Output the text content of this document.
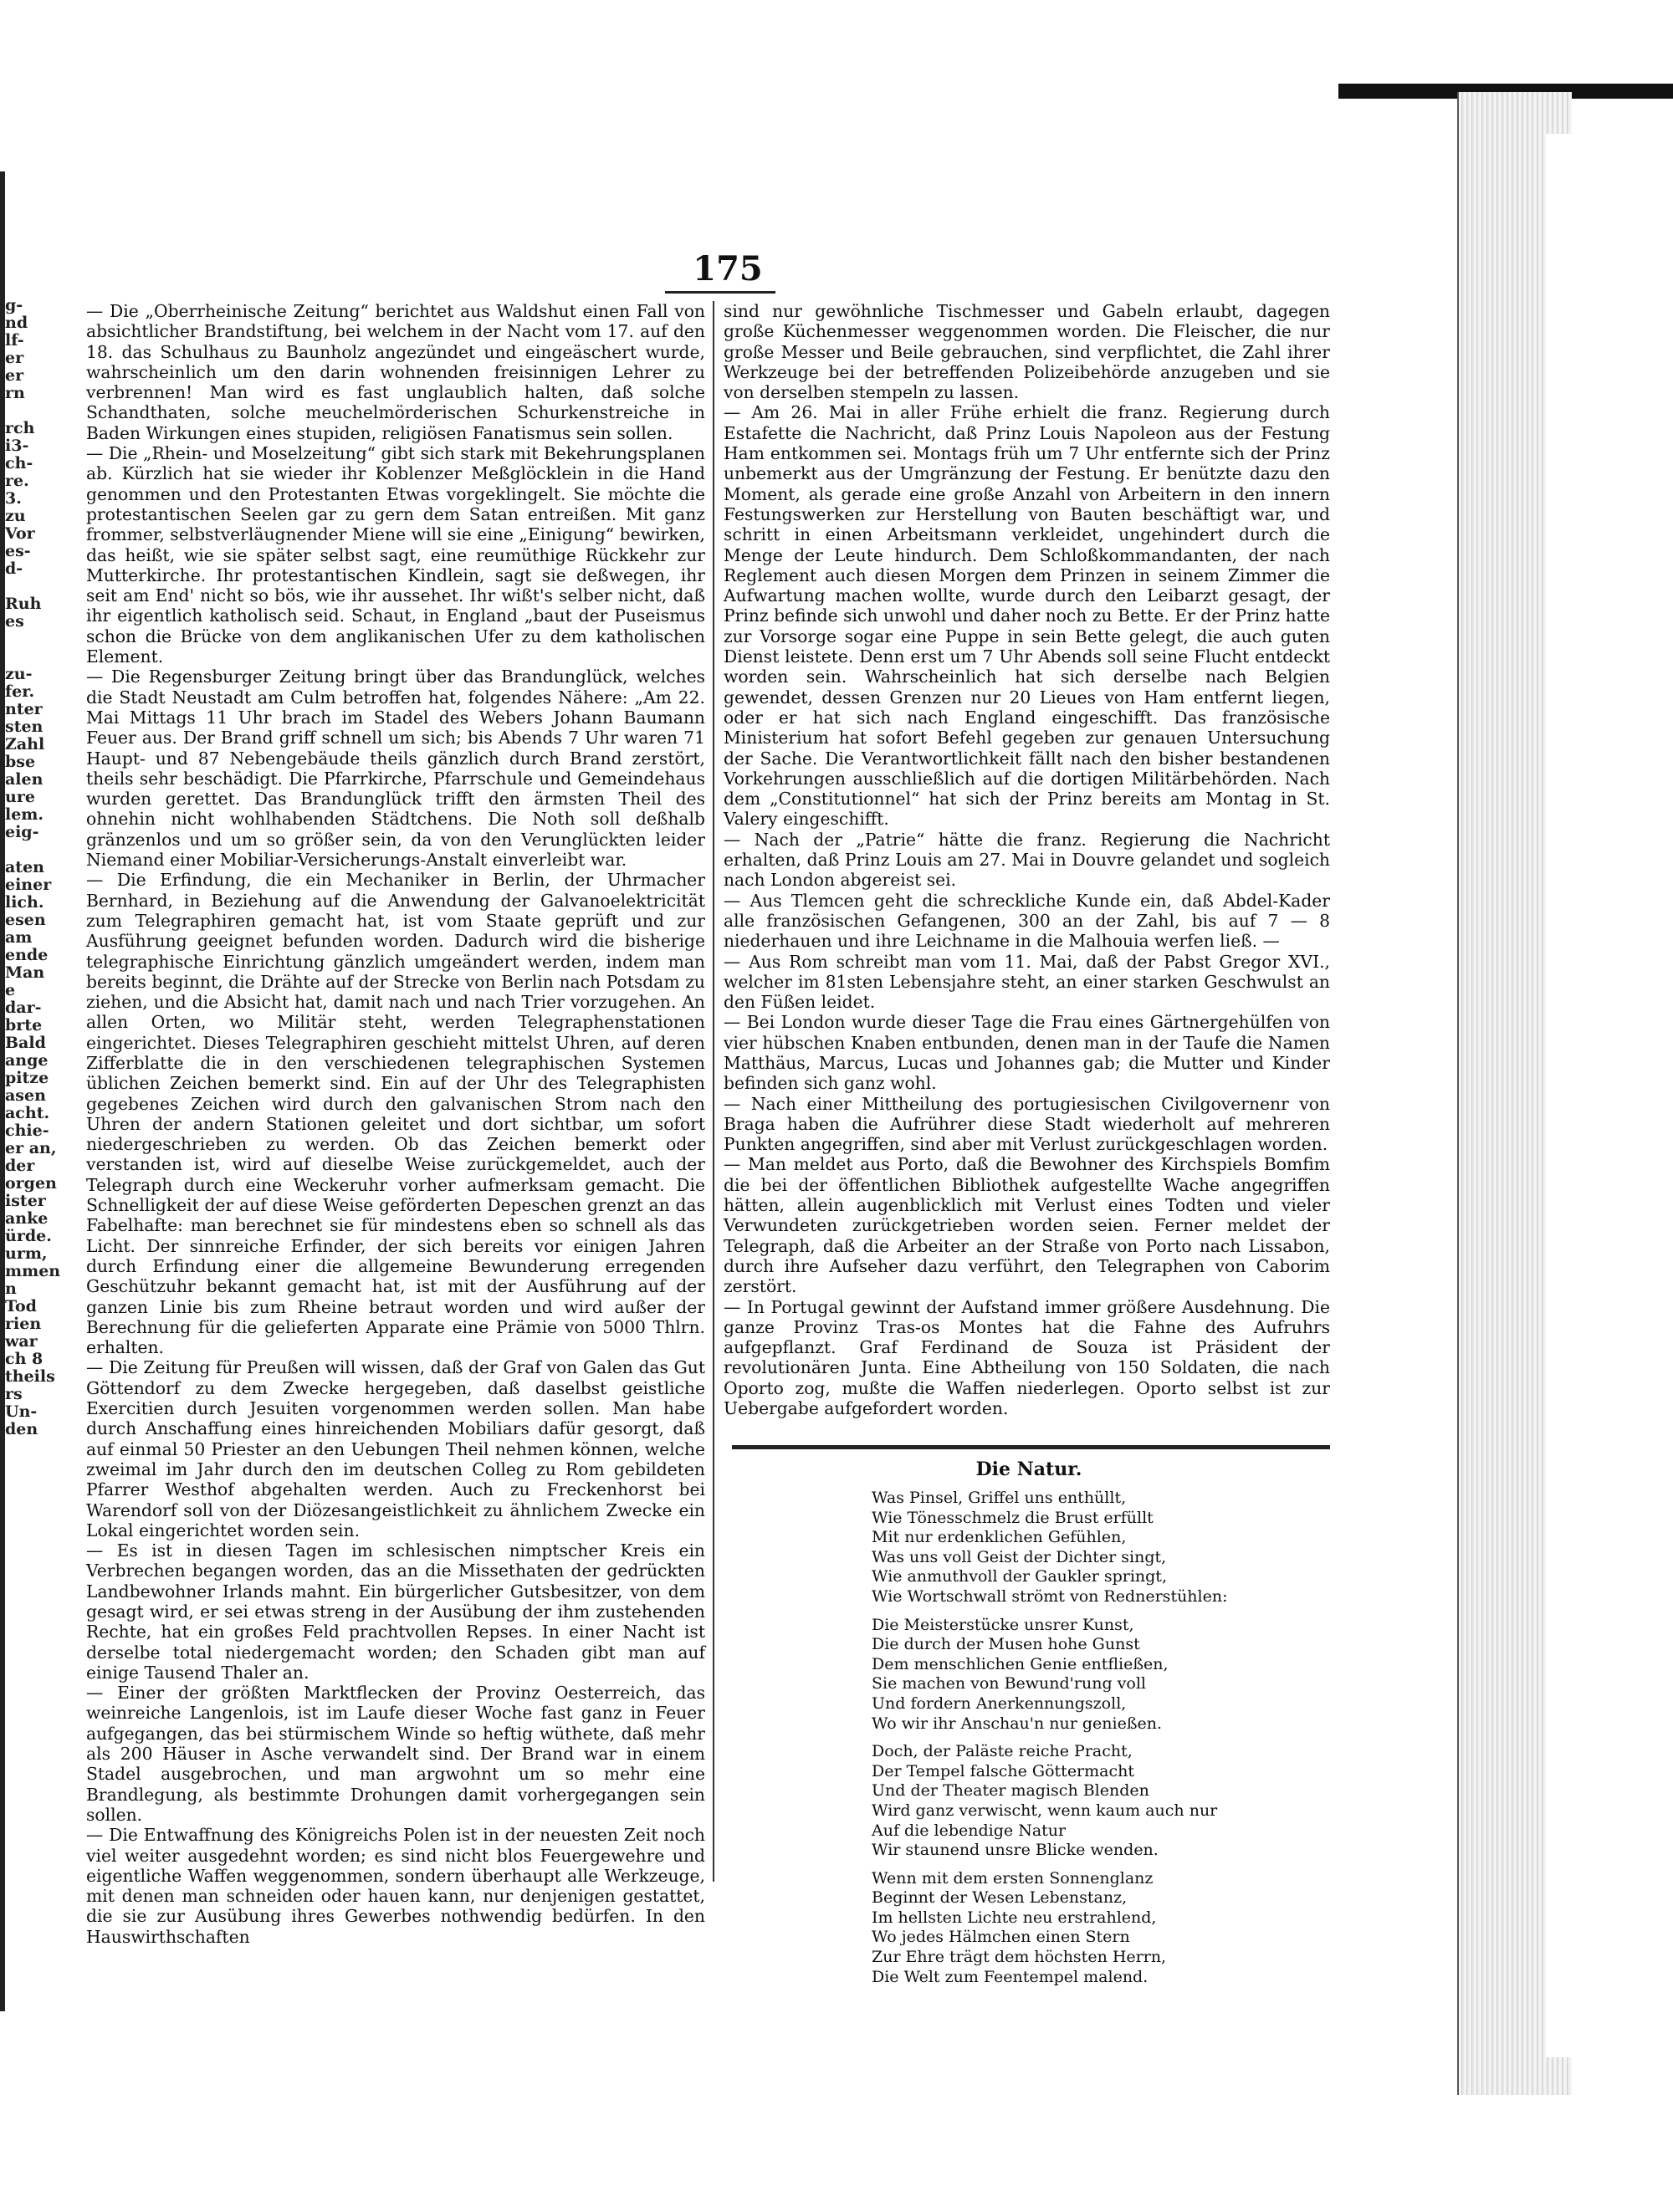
g-
nd
lf-
er
er
rn

rch
i3-
ch-
re.
3.
zu
Vor
es-
d-

Ruh
es

zu-
fer.
nter
sten
Zahl
bse
alen
ure
lem.
eig-

aten
einer
lich.
esen
am
ende
Man
e
dar-
brte
Bald
ange
pitze
asen
acht.
chie-
er an,
der
orgen
ister
anke
ürde.
urm,
mmen
n
Tod
rien
war
ch 8
theils
rs
Un-
den
175

— Die „Oberrheinische Zeitung“ berichtet aus Waldshut einen Fall von absichtlicher Brandstiftung, bei welchem in der Nacht vom 17. auf den 18. das Schulhaus zu Baunholz angezündet und eingeäschert wurde, wahrscheinlich um den darin wohnenden freisinnigen Lehrer zu verbrennen! Man wird es fast unglaublich halten, daß solche Schandthaten, solche meuchelmörderischen Schurkenstreiche in Baden Wirkungen eines stupiden, religiösen Fanatismus sein sollen.

— Die „Rhein- und Moselzeitung“ gibt sich stark mit Bekehrungsplanen ab. Kürzlich hat sie wieder ihr Koblenzer Meßglöcklein in die Hand genommen und den Protestanten Etwas vorgeklingelt. Sie möchte die protestantischen Seelen gar zu gern dem Satan entreißen. Mit ganz frommer, selbstverläugnender Miene will sie eine „Einigung“ bewirken, das heißt, wie sie später selbst sagt, eine reumüthige Rückkehr zur Mutterkirche. Ihr protestantischen Kindlein, sagt sie deßwegen, ihr seit am End' nicht so bös, wie ihr aussehet. Ihr wißt's selber nicht, daß ihr eigentlich katholisch seid. Schaut, in England „baut der Puseismus schon die Brücke von dem anglikanischen Ufer zu dem katholischen Element.

— Die Regensburger Zeitung bringt über das Brandunglück, welches die Stadt Neustadt am Culm betroffen hat, folgendes Nähere: „Am 22. Mai Mittags 11 Uhr brach im Stadel des Webers Johann Baumann Feuer aus. Der Brand griff schnell um sich; bis Abends 7 Uhr waren 71 Haupt- und 87 Nebengebäude theils gänzlich durch Brand zerstört, theils sehr beschädigt. Die Pfarrkirche, Pfarrschule und Gemeindehaus wurden gerettet. Das Brandunglück trifft den ärmsten Theil des ohnehin nicht wohlhabenden Städtchens. Die Noth soll deßhalb gränzenlos und um so größer sein, da von den Verunglückten leider Niemand einer Mobiliar-Versicherungs-Anstalt einverleibt war.

— Die Erfindung, die ein Mechaniker in Berlin, der Uhrmacher Bernhard, in Beziehung auf die Anwendung der Galvanoelektricität zum Telegraphiren gemacht hat, ist vom Staate geprüft und zur Ausführung geeignet befunden worden. Dadurch wird die bisherige telegraphische Einrichtung gänzlich umgeändert werden, indem man bereits beginnt, die Drähte auf der Strecke von Berlin nach Potsdam zu ziehen, und die Absicht hat, damit nach und nach Trier vorzugehen. An allen Orten, wo Militär steht, werden Telegraphenstationen eingerichtet. Dieses Telegraphiren geschieht mittelst Uhren, auf deren Zifferblatte die in den verschiedenen telegraphischen Systemen üblichen Zeichen bemerkt sind. Ein auf der Uhr des Telegraphisten gegebenes Zeichen wird durch den galvanischen Strom nach den Uhren der andern Stationen geleitet und dort sichtbar, um sofort niedergeschrieben zu werden. Ob das Zeichen bemerkt oder verstanden ist, wird auf dieselbe Weise zurückgemeldet, auch der Telegraph durch eine Weckeruhr vorher aufmerksam gemacht. Die Schnelligkeit der auf diese Weise geförderten Depeschen grenzt an das Fabelhafte: man berechnet sie für mindestens eben so schnell als das Licht. Der sinnreiche Erfinder, der sich bereits vor einigen Jahren durch Erfindung einer die allgemeine Bewunderung erregenden Geschützuhr bekannt gemacht hat, ist mit der Ausführung auf der ganzen Linie bis zum Rheine betraut worden und wird außer der Berechnung für die gelieferten Apparate eine Prämie von 5000 Thlrn. erhalten.

— Die Zeitung für Preußen will wissen, daß der Graf von Galen das Gut Göttendorf zu dem Zwecke hergegeben, daß daselbst geistliche Exercitien durch Jesuiten vorgenommen werden sollen. Man habe durch Anschaffung eines hinreichenden Mobiliars dafür gesorgt, daß auf einmal 50 Priester an den Uebungen Theil nehmen können, welche zweimal im Jahr durch den im deutschen Colleg zu Rom gebildeten Pfarrer Westhof abgehalten werden. Auch zu Freckenhorst bei Warendorf soll von der Diözesangeistlichkeit zu ähnlichem Zwecke ein Lokal eingerichtet worden sein.

— Es ist in diesen Tagen im schlesischen nimptscher Kreis ein Verbrechen begangen worden, das an die Missethaten der gedrückten Landbewohner Irlands mahnt. Ein bürgerlicher Gutsbesitzer, von dem gesagt wird, er sei etwas streng in der Ausübung der ihm zustehenden Rechte, hat ein großes Feld prachtvollen Repses. In einer Nacht ist derselbe total niedergemacht worden; den Schaden gibt man auf einige Tausend Thaler an.

— Einer der größten Marktflecken der Provinz Oesterreich, das weinreiche Langenlois, ist im Laufe dieser Woche fast ganz in Feuer aufgegangen, das bei stürmischem Winde so heftig wüthete, daß mehr als 200 Häuser in Asche verwandelt sind. Der Brand war in einem Stadel ausgebrochen, und man argwohnt um so mehr eine Brandlegung, als bestimmte Drohungen damit vorhergegangen sein sollen.

— Die Entwaffnung des Königreichs Polen ist in der neuesten Zeit noch viel weiter ausgedehnt worden; es sind nicht blos Feuergewehre und eigentliche Waffen weggenommen, sondern überhaupt alle Werkzeuge, mit denen man schneiden oder hauen kann, nur denjenigen gestattet, die sie zur Ausübung ihres Gewerbes nothwendig bedürfen. In den Hauswirthschaften

sind nur gewöhnliche Tischmesser und Gabeln erlaubt, dagegen große Küchenmesser weggenommen worden. Die Fleischer, die nur große Messer und Beile gebrauchen, sind verpflichtet, die Zahl ihrer Werkzeuge bei der betreffenden Polizeibehörde anzugeben und sie von derselben stempeln zu lassen.

— Am 26. Mai in aller Frühe erhielt die franz. Regierung durch Estafette die Nachricht, daß Prinz Louis Napoleon aus der Festung Ham entkommen sei. Montags früh um 7 Uhr entfernte sich der Prinz unbemerkt aus der Umgränzung der Festung. Er benützte dazu den Moment, als gerade eine große Anzahl von Arbeitern in den innern Festungswerken zur Herstellung von Bauten beschäftigt war, und schritt in einen Arbeitsmann verkleidet, ungehindert durch die Menge der Leute hindurch. Dem Schloßkommandanten, der nach Reglement auch diesen Morgen dem Prinzen in seinem Zimmer die Aufwartung machen wollte, wurde durch den Leibarzt gesagt, der Prinz befinde sich unwohl und daher noch zu Bette. Er der Prinz hatte zur Vorsorge sogar eine Puppe in sein Bette gelegt, die auch guten Dienst leistete. Denn erst um 7 Uhr Abends soll seine Flucht entdeckt worden sein. Wahrscheinlich hat sich derselbe nach Belgien gewendet, dessen Grenzen nur 20 Lieues von Ham entfernt liegen, oder er hat sich nach England eingeschifft. Das französische Ministerium hat sofort Befehl gegeben zur genauen Untersuchung der Sache. Die Verantwortlichkeit fällt nach den bisher bestandenen Vorkehrungen ausschließlich auf die dortigen Militärbehörden. Nach dem „Constitutionnel“ hat sich der Prinz bereits am Montag in St. Valery eingeschifft.

— Nach der „Patrie“ hätte die franz. Regierung die Nachricht erhalten, daß Prinz Louis am 27. Mai in Douvre gelandet und sogleich nach London abgereist sei.

— Aus Tlemcen geht die schreckliche Kunde ein, daß Abdel-Kader alle französischen Gefangenen, 300 an der Zahl, bis auf 7 — 8 niederhauen und ihre Leichname in die Malhouia werfen ließ. —

— Aus Rom schreibt man vom 11. Mai, daß der Pabst Gregor XVI., welcher im 81sten Lebensjahre steht, an einer starken Geschwulst an den Füßen leidet.

— Bei London wurde dieser Tage die Frau eines Gärtnergehülfen von vier hübschen Knaben entbunden, denen man in der Taufe die Namen Matthäus, Marcus, Lucas und Johannes gab; die Mutter und Kinder befinden sich ganz wohl.

— Nach einer Mittheilung des portugiesischen Civilgovernenr von Braga haben die Aufrührer diese Stadt wiederholt auf mehreren Punkten angegriffen, sind aber mit Verlust zurückgeschlagen worden.

— Man meldet aus Porto, daß die Bewohner des Kirchspiels Bomfim die bei der öffentlichen Bibliothek aufgestellte Wache angegriffen hätten, allein augenblicklich mit Verlust eines Todten und vieler Verwundeten zurückgetrieben worden seien. Ferner meldet der Telegraph, daß die Arbeiter an der Straße von Porto nach Lissabon, durch ihre Aufseher dazu verführt, den Telegraphen von Caborim zerstört.

— In Portugal gewinnt der Aufstand immer größere Ausdehnung. Die ganze Provinz Tras-os Montes hat die Fahne des Aufruhrs aufgepflanzt. Graf Ferdinand de Souza ist Präsident der revolutionären Junta. Eine Abtheilung von 150 Soldaten, die nach Oporto zog, mußte die Waffen niederlegen. Oporto selbst ist zur Uebergabe aufgefordert worden.

Die Natur.
Was Pinsel, Griffel uns enthüllt,
Wie Tönesschmelz die Brust erfüllt
Mit nur erdenklichen Gefühlen,
Was uns voll Geist der Dichter singt,
Wie anmuthvoll der Gaukler springt,
Wie Wortschwall strömt von Rednerstühlen:
Die Meisterstücke unsrer Kunst,
Die durch der Musen hohe Gunst
Dem menschlichen Genie entfließen,
Sie machen von Bewund'rung voll
Und fordern Anerkennungszoll,
Wo wir ihr Anschau'n nur genießen.
Doch, der Paläste reiche Pracht,
Der Tempel falsche Göttermacht
Und der Theater magisch Blenden
Wird ganz verwischt, wenn kaum auch nur
Auf die lebendige Natur
Wir staunend unsre Blicke wenden.
Wenn mit dem ersten Sonnenglanz
Beginnt der Wesen Lebenstanz,
Im hellsten Lichte neu erstrahlend,
Wo jedes Hälmchen einen Stern
Zur Ehre trägt dem höchsten Herrn,
Die Welt zum Feentempel malend.
